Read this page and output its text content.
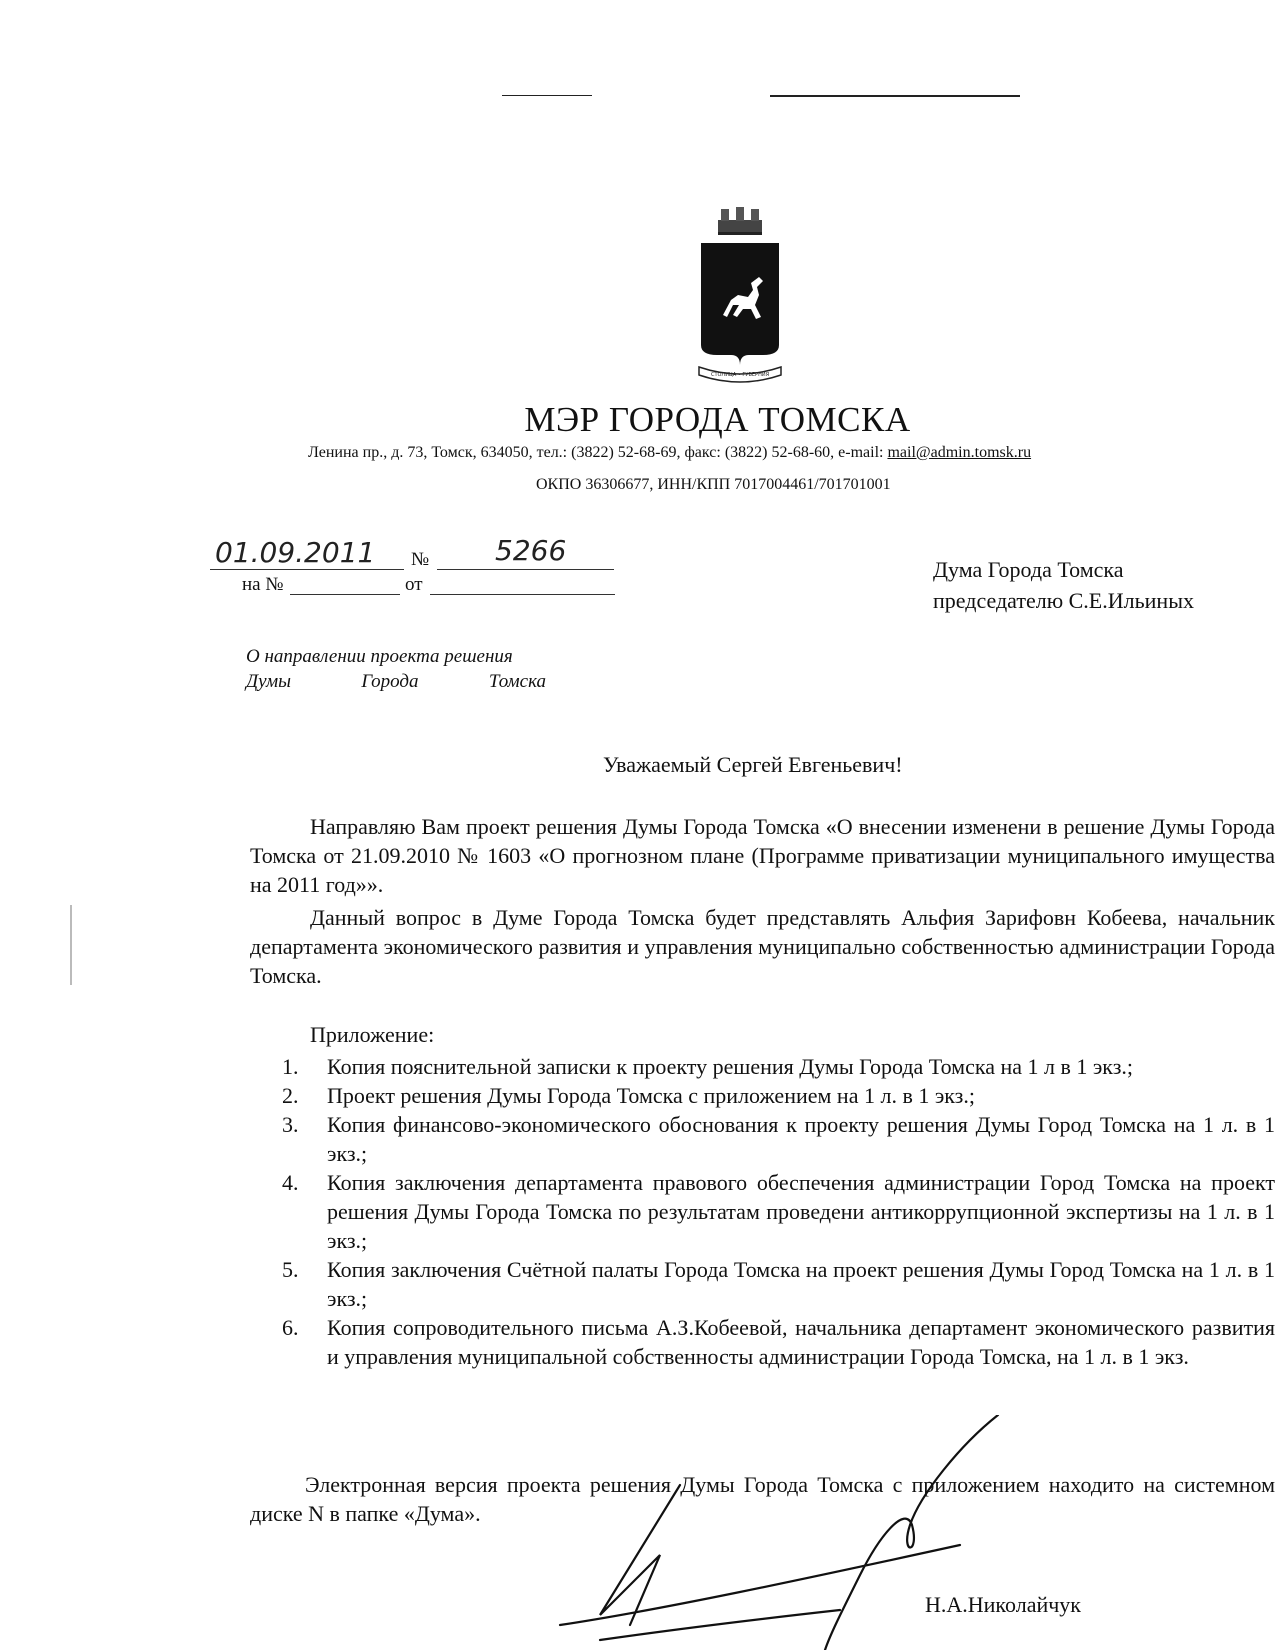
СТОЛИЦА • ГУБЕРНИЯ
МЭР ГОРОДА ТОМСКА
Ленина пр., д. 73, Томск, 634050, тел.: (3822) 52-68-69, факс: (3822) 52-68-60, e-mail: mail@admin.tomsk.ru
ОКПО 36306677, ИНН/КПП 7017004461/701701001
01.09.2011 № 5266
на №	от
Дума Города Томска
председателю С.Е.Ильиных
О направлении проекта решения
Думы	Города	Томска
Уважаемый Сергей Евгеньевич!
Направляю Вам проект решения Думы Города Томска «О внесении изменени в решение Думы Города Томска от 21.09.2010 № 1603 «О прогнозном плане (Программе приватизации муниципального имущества на 2011 год»».
Данный вопрос в Думе Города Томска будет представлять Альфия Зарифовн Кобеева, начальник департамента экономического развития и управления муниципально собственностью администрации Города Томска.
Приложение:
1.	Копия пояснительной записки к проекту решения Думы Города Томска на 1 л в 1 экз.;
2.	Проект решения Думы Города Томска с приложением на 1 л. в 1 экз.;
3.	Копия финансово-экономического обоснования к проекту решения Думы Город Томска на 1 л. в 1 экз.;
4.	Копия заключения департамента правового обеспечения администрации Город Томска на проект решения Думы Города Томска по результатам проведени антикоррупционной экспертизы на 1 л. в 1 экз.;
5.	Копия заключения Счётной палаты Города Томска на проект решения Думы Город Томска на 1 л. в 1 экз.;
6.	Копия сопроводительного письма А.З.Кобеевой, начальника департамент экономического развития и управления муниципальной собственносты администрации Города Томска, на 1 л. в 1 экз.
Электронная версия проекта решения Думы Города Томска с приложением находито на системном диске N в папке «Дума».
Н.А.Николайчук
